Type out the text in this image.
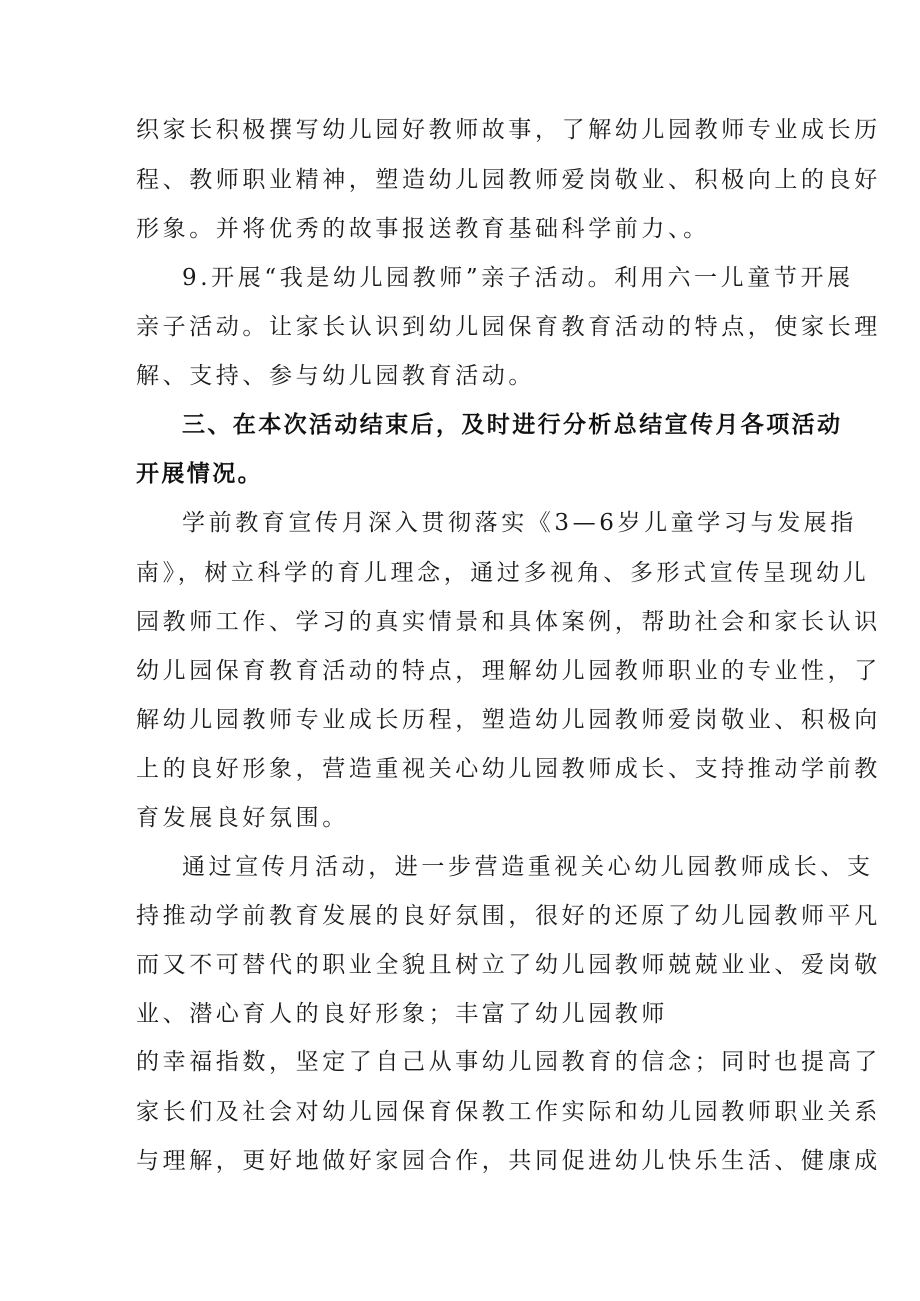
织家长积极撰写幼儿园好教师故事，了解幼儿园教师专业成长历
程、教师职业精神，塑造幼儿园教师爱岗敬业、积极向上的良好
形象。并将优秀的故事报送教育基础科学前力、。
9.开展“我是幼儿园教师”亲子活动。利用六一儿童节开展
亲子活动。让家长认识到幼儿园保育教育活动的特点，使家长理
解、支持、参与幼儿园教育活动。
三、在本次活动结束后，及时进行分析总结宣传月各项活动
开展情况。
学前教育宣传月深入贯彻落实《3—6岁儿童学习与发展指
南》，树立科学的育儿理念，通过多视角、多形式宣传呈现幼儿
园教师工作、学习的真实情景和具体案例，帮助社会和家长认识
幼儿园保育教育活动的特点，理解幼儿园教师职业的专业性，了
解幼儿园教师专业成长历程，塑造幼儿园教师爱岗敬业、积极向
上的良好形象，营造重视关心幼儿园教师成长、支持推动学前教
育发展良好氛围。
通过宣传月活动，进一步营造重视关心幼儿园教师成长、支
持推动学前教育发展的良好氛围，很好的还原了幼儿园教师平凡
而又不可替代的职业全貌且树立了幼儿园教师兢兢业业、爱岗敬
业、潜心育人的良好形象；丰富了幼儿园教师
的幸福指数，坚定了自己从事幼儿园教育的信念；同时也提高了
家长们及社会对幼儿园保育保教工作实际和幼儿园教师职业关系
与理解，更好地做好家园合作，共同促进幼儿快乐生活、健康成
